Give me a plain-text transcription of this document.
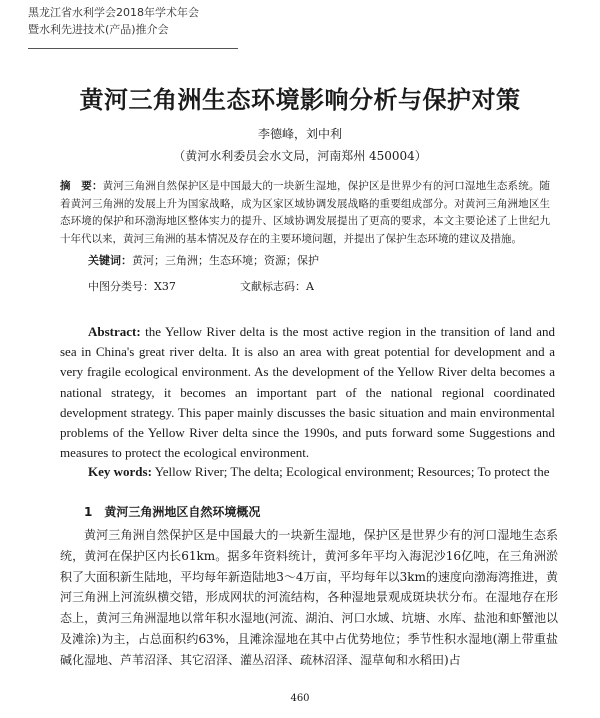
黑龙江省水利学会2018年学术年会
暨水利先进技术(产品)推介会
黄河三角洲生态环境影响分析与保护对策
李德峰，刘中利
（黄河水利委员会水文局，河南郑州 450004）
摘　要：黄河三角洲自然保护区是中国最大的一块新生湿地，保护区是世界少有的河口湿地生态系统。随着黄河三角洲的发展上升为国家战略，成为区家区域协调发展战略的重要组成部分。对黄河三角洲地区生态环境的保护和环渤海地区整体实力的提升、区域协调发展提出了更高的要求，本文主要论述了上世纪九十年代以来，黄河三角洲的基本情况及存在的主要环境问题，并提出了保护生态环境的建议及措施。
关键词：黄河；三角洲；生态环境；资源；保护
中图分类号：X37	文献标志码：A
Abstract: the Yellow River delta is the most active region in the transition of land and sea in China's great river delta. It is also an area with great potential for development and a very fragile ecological environment. As the development of the Yellow River delta becomes a national strategy, it becomes an important part of the national regional coordinated development strategy. This paper mainly discusses the basic situation and main environmental problems of the Yellow River delta since the 1990s, and puts forward some Suggestions and measures to protect the ecological environment.
Key words: Yellow River; The delta; Ecological environment; Resources; To protect the
1　黄河三角洲地区自然环境概况
黄河三角洲自然保护区是中国最大的一块新生湿地，保护区是世界少有的河口湿地生态系统，黄河在保护区内长61km。据多年资料统计，黄河多年平均入海泥沙16亿吨，在三角洲淤积了大面积新生陆地，平均每年新造陆地3～4万亩，平均每年以3km的速度向渤海湾推进，黄河三角洲上河流纵横交错，形成网状的河流结构，各种湿地景观成斑块状分布。在湿地存在形态上，黄河三角洲湿地以常年积水湿地(河流、湖泊、河口水域、坑塘、水库、盐池和虾蟹池以及滩涂)为主，占总面积约63%，且滩涂湿地在其中占优势地位；季节性积水湿地(潮上带重盐碱化湿地、芦苇沼泽、其它沼泽、灌丛沼泽、疏林沼泽、湿草甸和水稻田)占
460
